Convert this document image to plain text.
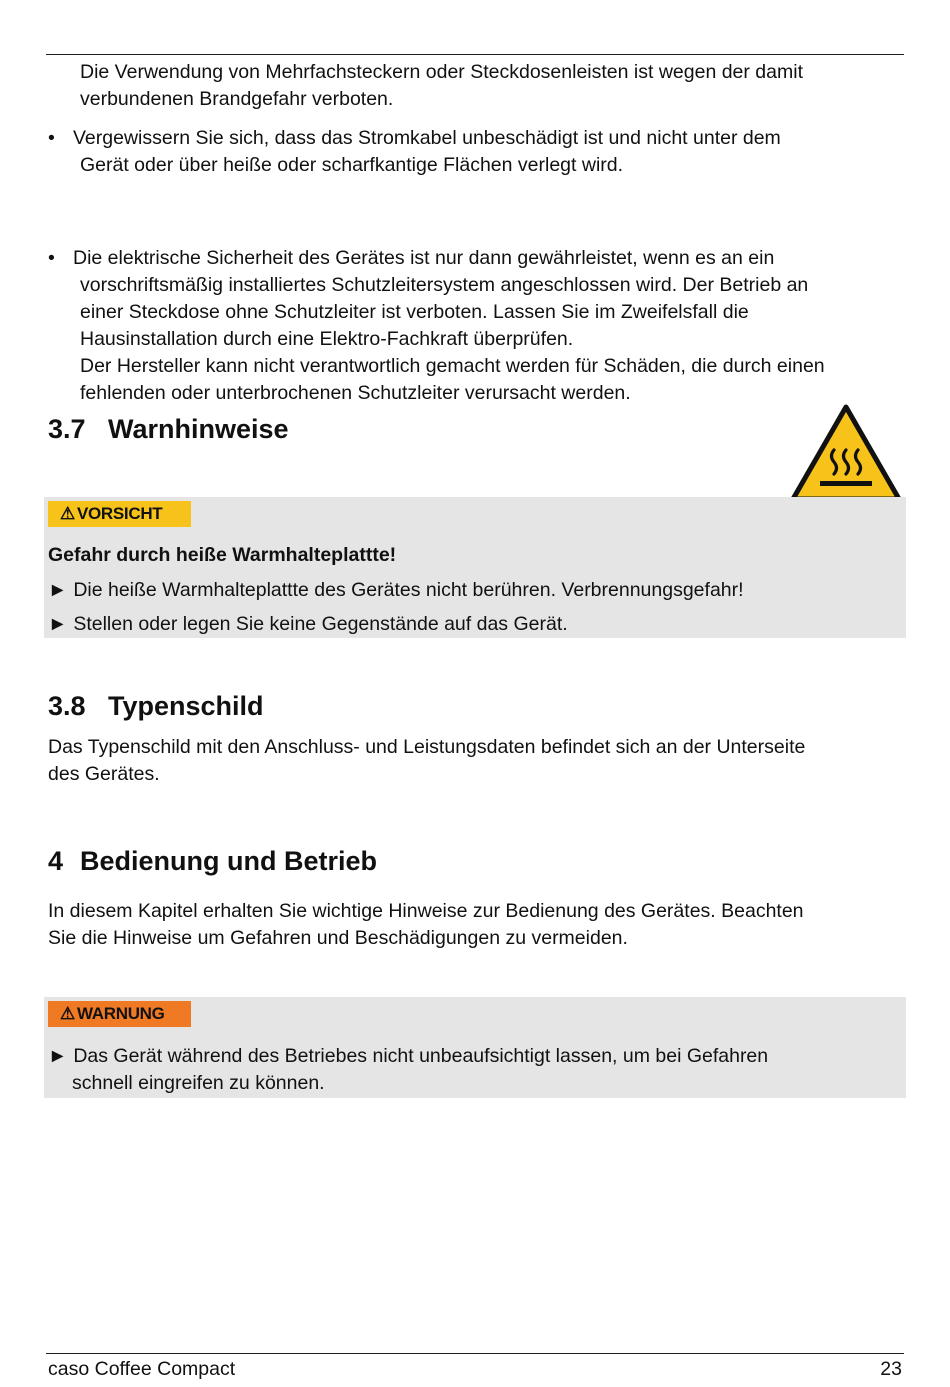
Die Verwendung von Mehrfachsteckern oder Steckdosenleisten ist wegen der damit
verbundenen Brandgefahr verboten.
• Vergewissern Sie sich, dass das Stromkabel unbeschädigt ist und nicht unter dem
Gerät oder über heiße oder scharfkantige Flächen verlegt wird.
• Die elektrische Sicherheit des Gerätes ist nur dann gewährleistet, wenn es an ein
vorschriftsmäßig installiertes Schutzleitersystem angeschlossen wird. Der Betrieb an
einer Steckdose ohne Schutzleiter ist verboten. Lassen Sie im Zweifelsfall die
Hausinstallation durch eine Elektro-Fachkraft überprüfen.
Der Hersteller kann nicht verantwortlich gemacht werden für Schäden, die durch einen
fehlenden oder unterbrochenen Schutzleiter verursacht werden.
3.7 Warnhinweise
⚠ VORSICHT
Gefahr durch heiße Warmhalteplattte!
► Die heiße Warmhalteplattte des Gerätes nicht berühren. Verbrennungsgefahr!
► Stellen oder legen Sie keine Gegenstände auf das Gerät.
3.8 Typenschild
Das Typenschild mit den Anschluss- und Leistungsdaten befindet sich an der Unterseite
des Gerätes.
4 Bedienung und Betrieb
In diesem Kapitel erhalten Sie wichtige Hinweise zur Bedienung des Gerätes. Beachten
Sie die Hinweise um Gefahren und Beschädigungen zu vermeiden.
⚠ WARNUNG
► Das Gerät während des Betriebes nicht unbeaufsichtigt lassen, um bei Gefahren
schnell eingreifen zu können.
caso Coffee Compact	23
